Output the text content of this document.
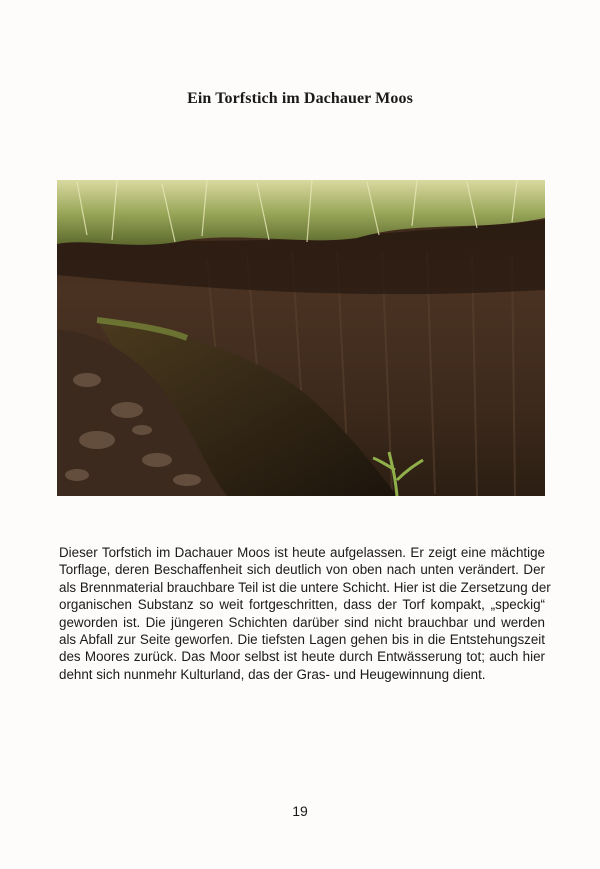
Ein Torfstich im Dachauer Moos
Dieser Torfstich im Dachauer Moos ist heute aufgelassen. Er zeigt eine mächtige
Torflage, deren Beschaffenheit sich deutlich von oben nach unten verändert. Der
als Brennmaterial brauchbare Teil ist die untere Schicht. Hier ist die Zersetzung der
organischen Substanz so weit fortgeschritten, dass der Torf kompakt, „speckig“
geworden ist. Die jüngeren Schichten darüber sind nicht brauchbar und werden
als Abfall zur Seite geworfen. Die tiefsten Lagen gehen bis in die Entstehungszeit
des Moores zurück. Das Moor selbst ist heute durch Entwässerung tot; auch hier
dehnt sich nunmehr Kulturland, das der Gras- und Heugewinnung dient.
19
